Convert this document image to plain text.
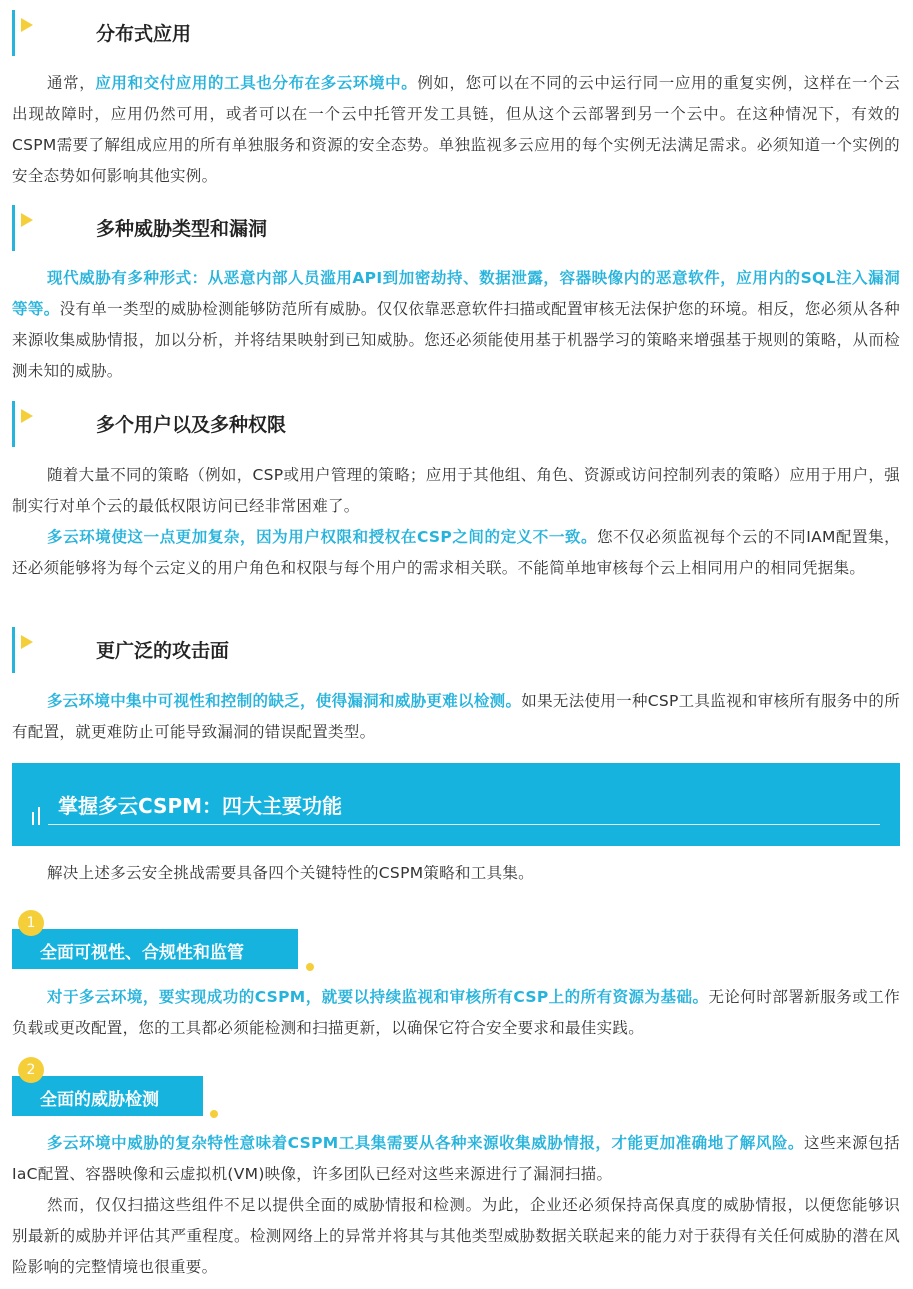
分布式应用

通常，应用和交付应用的工具也分布在多云环境中。例如，您可以在不同的云中运行同一应用的重复实例，这样在一个云出现故障时，应用仍然可用，或者可以在一个云中托管开发工具链，但从这个云部署到另一个云中。在这种情况下，有效的CSPM需要了解组成应用的所有单独服务和资源的安全态势。单独监视多云应用的每个实例无法满足需求。必须知道一个实例的安全态势如何影响其他实例。

多种威胁类型和漏洞

现代威胁有多种形式：从恶意内部人员滥用API到加密劫持、数据泄露，容器映像内的恶意软件，应用内的SQL注入漏洞等等。没有单一类型的威胁检测能够防范所有威胁。仅仅依靠恶意软件扫描或配置审核无法保护您的环境。相反，您必须从各种来源收集威胁情报，加以分析，并将结果映射到已知威胁。您还必须能使用基于机器学习的策略来增强基于规则的策略，从而检测未知的威胁。

多个用户以及多种权限

随着大量不同的策略（例如，CSP或用户管理的策略；应用于其他组、角色、资源或访问控制列表的策略）应用于用户，强制实行对单个云的最低权限访问已经非常困难了。

多云环境使这一点更加复杂，因为用户权限和授权在CSP之间的定义不一致。您不仅必须监视每个云的不同IAM配置集，还必须能够将为每个云定义的用户角色和权限与每个用户的需求相关联。不能简单地审核每个云上相同用户的相同凭据集。

更广泛的攻击面

多云环境中集中可视性和控制的缺乏，使得漏洞和威胁更难以检测。如果无法使用一种CSP工具监视和审核所有服务中的所有配置，就更难防止可能导致漏洞的错误配置类型。

掌握多云CSPM：四大主要功能

解决上述多云安全挑战需要具备四个关键特性的CSPM策略和工具集。

1
全面可视性、合规性和监管

对于多云环境，要实现成功的CSPM，就要以持续监视和审核所有CSP上的所有资源为基础。无论何时部署新服务或工作负载或更改配置，您的工具都必须能检测和扫描更新，以确保它符合安全要求和最佳实践。

2
全面的威胁检测

多云环境中威胁的复杂特性意味着CSPM工具集需要从各种来源收集威胁情报，才能更加准确地了解风险。这些来源包括IaC配置、容器映像和云虚拟机(VM)映像，许多团队已经对这些来源进行了漏洞扫描。

然而，仅仅扫描这些组件不足以提供全面的威胁情报和检测。为此，企业还必须保持高保真度的威胁情报，以便您能够识别最新的威胁并评估其严重程度。检测网络上的异常并将其与其他类型威胁数据关联起来的能力对于获得有关任何威胁的潜在风险影响的完整情境也很重要。
